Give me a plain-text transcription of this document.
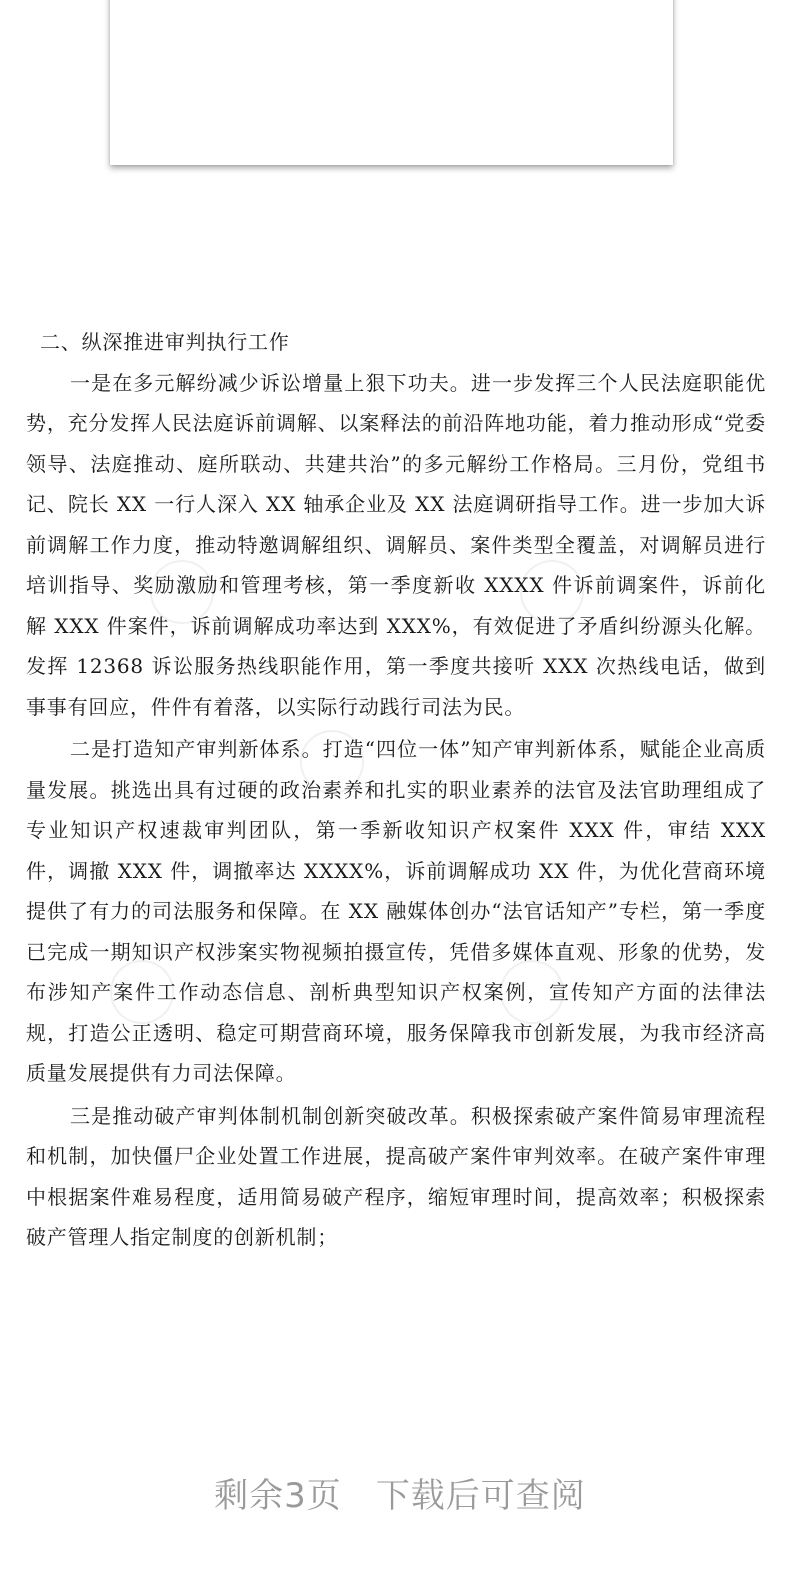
二、纵深推进审判执行工作

一是在多元解纷减少诉讼增量上狠下功夫。进一步发挥三个人民法庭职能优势，充分发挥人民法庭诉前调解、以案释法的前沿阵地功能，着力推动形成“党委领导、法庭推动、庭所联动、共建共治”的多元解纷工作格局。三月份，党组书记、院长 XX 一行人深入 XX 轴承企业及 XX 法庭调研指导工作。进一步加大诉前调解工作力度，推动特邀调解组织、调解员、案件类型全覆盖，对调解员进行培训指导、奖励激励和管理考核，第一季度新收 XXXX 件诉前调案件，诉前化解 XXX 件案件，诉前调解成功率达到 XXX%，有效促进了矛盾纠纷源头化解。发挥 12368 诉讼服务热线职能作用，第一季度共接听 XXX 次热线电话，做到事事有回应，件件有着落，以实际行动践行司法为民。

二是打造知产审判新体系。打造“四位一体”知产审判新体系，赋能企业高质量发展。挑选出具有过硬的政治素养和扎实的职业素养的法官及法官助理组成了专业知识产权速裁审判团队，第一季新收知识产权案件 XXX 件，审结 XXX 件，调撤 XXX 件，调撤率达 XXXX%，诉前调解成功 XX 件，为优化营商环境提供了有力的司法服务和保障。在 XX 融媒体创办“法官话知产”专栏，第一季度已完成一期知识产权涉案实物视频拍摄宣传，凭借多媒体直观、形象的优势，发布涉知产案件工作动态信息、剖析典型知识产权案例，宣传知产方面的法律法规，打造公正透明、稳定可期营商环境，服务保障我市创新发展，为我市经济高质量发展提供有力司法保障。

三是推动破产审判体制机制创新突破改革。积极探索破产案件简易审理流程和机制，加快僵尸企业处置工作进展，提高破产案件审判效率。在破产案件审理中根据案件难易程度，适用简易破产程序，缩短审理时间，提高效率；积极探索破产管理人指定制度的创新机制；

剩余3页 下载后可查阅
